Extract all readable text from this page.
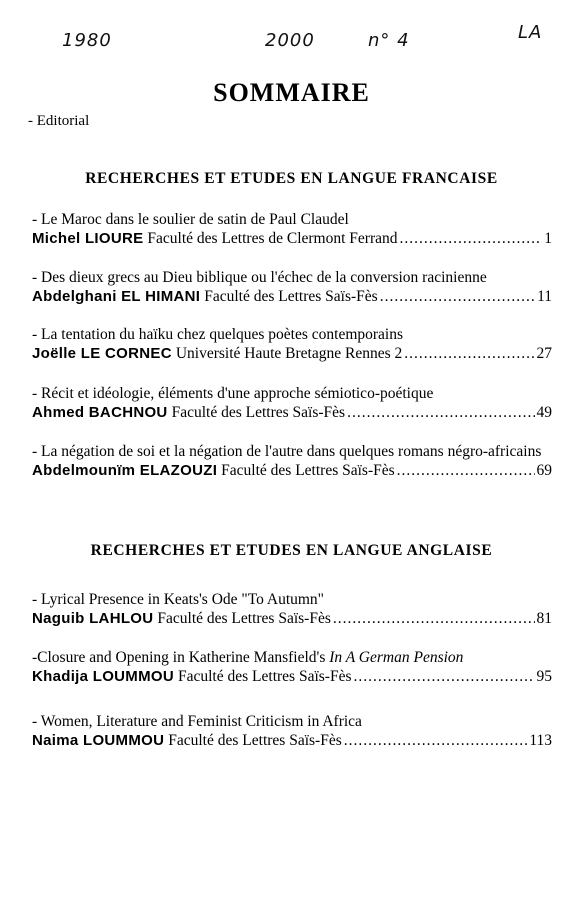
1980	2000	n° 4	LA
SOMMAIRE
- Editorial
RECHERCHES ET ETUDES EN LANGUE FRANCAISE
- Le Maroc dans le soulier de satin de Paul Claudel
Michel LIOURE Faculté des Lettres de Clermont Ferrand .....	1
- Des dieux grecs au Dieu biblique ou l'échec de la conversion racinienne
Abdelghani EL HIMANI Faculté des Lettres Saïs-Fès .....	11
- La tentation du haïku chez quelques poètes contemporains
Joëlle LE CORNEC Université Haute Bretagne Rennes 2 .....	27
- Récit et idéologie, éléments d'une approche sémiotico-poétique
Ahmed BACHNOU Faculté des Lettres Saïs-Fès .....	49
- La négation de soi et la négation de l'autre dans quelques romans négro-africains
Abdelmounïm ELAZOUZI Faculté des Lettres Saïs-Fès .....	69
RECHERCHES ET ETUDES EN LANGUE ANGLAISE
- Lyrical Presence in Keats's Ode "To Autumn"
Naguib LAHLOU Faculté des Lettres Saïs-Fès .....	81
-Closure and Opening in Katherine Mansfield's In A German Pension
Khadija LOUMMOU Faculté des Lettres Saïs-Fès .....	95
- Women, Literature and Feminist Criticism in Africa
Naima LOUMMOU Faculté des Lettres Saïs-Fès .....	113
